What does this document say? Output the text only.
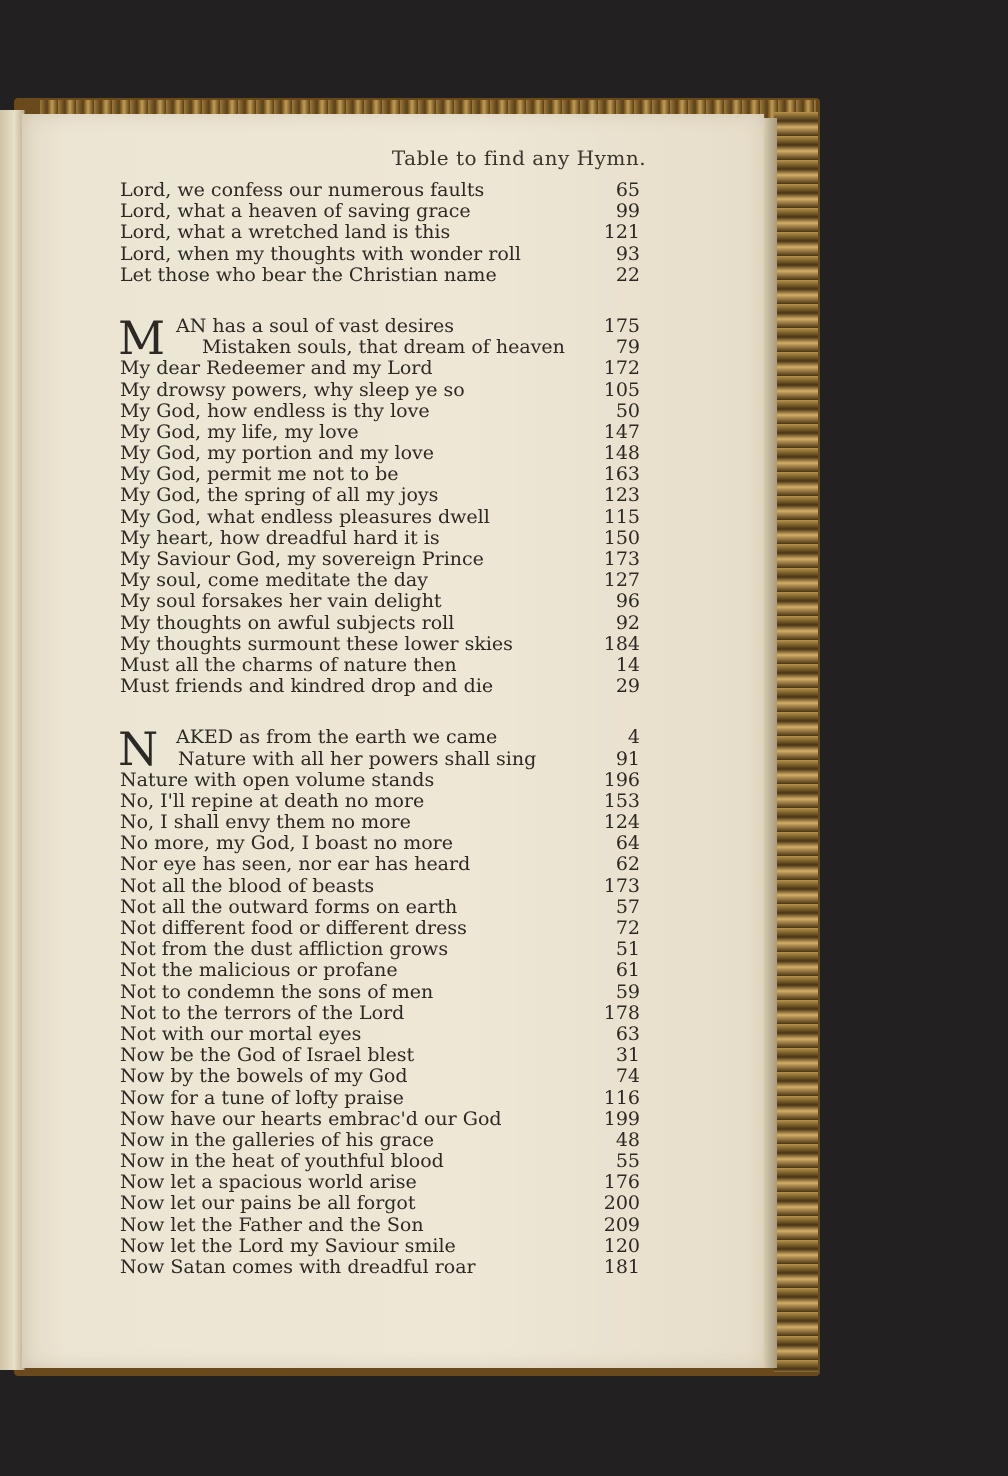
Table to find any Hymn.
Lord, we confess our numerous faults	65
Lord, what a heaven of saving grace	99
Lord, what a wretched land is this	121
Lord, when my thoughts with wonder roll	93
Let those who bear the Christian name	22
M AN has a soul of vast desires	175
Mistaken souls, that dream of heaven	79
My dear Redeemer and my Lord	172
My drowsy powers, why sleep ye so	105
My God, how endless is thy love	50
My God, my life, my love	147
My God, my portion and my love	148
My God, permit me not to be	163
My God, the spring of all my joys	123
My God, what endless pleasures dwell	115
My heart, how dreadful hard it is	150
My Saviour God, my sovereign Prince	173
My soul, come meditate the day	127
My soul forsakes her vain delight	96
My thoughts on awful subjects roll	92
My thoughts surmount these lower skies	184
Must all the charms of nature then	14
Must friends and kindred drop and die	29
N AKED as from the earth we came	4
Nature with all her powers shall sing	91
Nature with open volume stands	196
No, I'll repine at death no more	153
No, I shall envy them no more	124
No more, my God, I boast no more	64
Nor eye has seen, nor ear has heard	62
Not all the blood of beasts	173
Not all the outward forms on earth	57
Not different food or different dress	72
Not from the dust affliction grows	51
Not the malicious or profane	61
Not to condemn the sons of men	59
Not to the terrors of the Lord	178
Not with our mortal eyes	63
Now be the God of Israel blest	31
Now by the bowels of my God	74
Now for a tune of lofty praise	116
Now have our hearts embrac'd our God	199
Now in the galleries of his grace	48
Now in the heat of youthful blood	55
Now let a spacious world arise	176
Now let our pains be all forgot	200
Now let the Father and the Son	209
Now let the Lord my Saviour smile	120
Now Satan comes with dreadful roar	181
